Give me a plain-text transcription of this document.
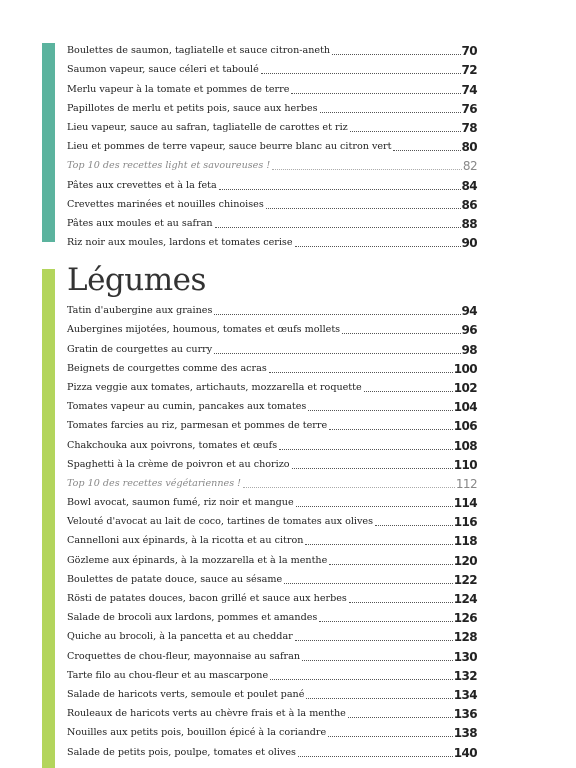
Boulettes de saumon, tagliatelle et sauce citron-aneth	70
Saumon vapeur, sauce céleri et taboulé	72
Merlu vapeur à la tomate et pommes de terre	74
Papillotes de merlu et petits pois, sauce aux herbes	76
Lieu vapeur, sauce au safran, tagliatelle de carottes et riz	78
Lieu et pommes de terre vapeur, sauce beurre blanc au citron vert	80
Top 10 des recettes light et savoureuses !	82
Pâtes aux crevettes et à la feta	84
Crevettes marinées et nouilles chinoises	86
Pâtes aux moules et au safran	88
Riz noir aux moules, lardons et tomates cerise	90
Légumes
Tatin d'aubergine aux graines	94
Aubergines mijotées, houmous, tomates et œufs mollets	96
Gratin de courgettes au curry	98
Beignets de courgettes comme des acras	100
Pizza veggie aux tomates, artichauts, mozzarella et roquette	102
Tomates vapeur au cumin, pancakes aux tomates	104
Tomates farcies au riz, parmesan et pommes de terre	106
Chakchouka aux poivrons, tomates et œufs	108
Spaghetti à la crème de poivron et au chorizo	110
Top 10 des recettes végétariennes !	112
Bowl avocat, saumon fumé, riz noir et mangue	114
Velouté d'avocat au lait de coco, tartines de tomates aux olives	116
Cannelloni aux épinards, à la ricotta et au citron	118
Gözleme aux épinards, à la mozzarella et à la menthe	120
Boulettes de patate douce, sauce au sésame	122
Rösti de patates douces, bacon grillé et sauce aux herbes	124
Salade de brocoli aux lardons, pommes et amandes	126
Quiche au brocoli, à la pancetta et au cheddar	128
Croquettes de chou-fleur, mayonnaise au safran	130
Tarte filo au chou-fleur et au mascarpone	132
Salade de haricots verts, semoule et poulet pané	134
Rouleaux de haricots verts au chèvre frais et à la menthe	136
Nouilles aux petits pois, bouillon épicé à la coriandre	138
Salade de petits pois, poulpe, tomates et olives	140
